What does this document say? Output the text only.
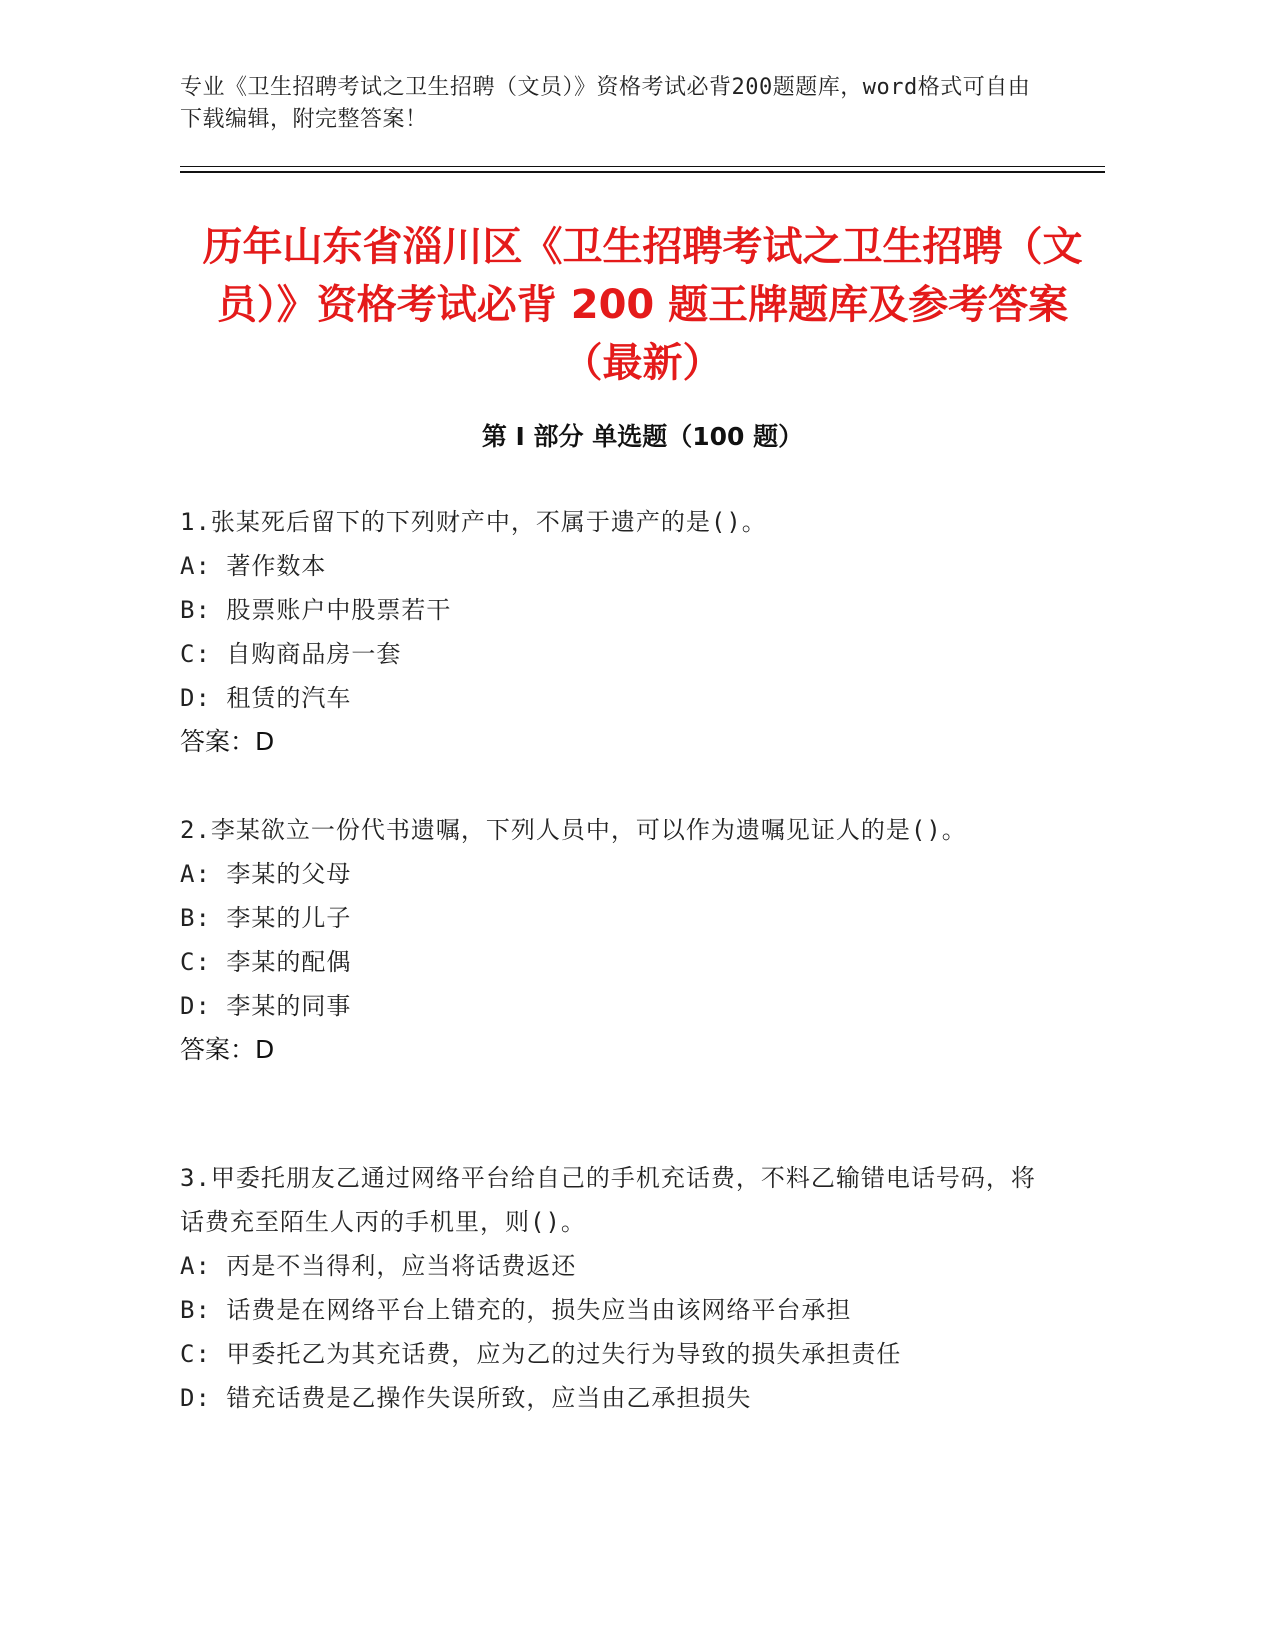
专业《卫生招聘考试之卫生招聘（文员）》资格考试必背200题题库，word格式可自由下载编辑，附完整答案！
历年山东省淄川区《卫生招聘考试之卫生招聘（文员）》资格考试必背 200 题王牌题库及参考答案（最新）
第 I 部分 单选题（100 题）
1.张某死后留下的下列财产中，不属于遗产的是()。
A: 著作数本
B: 股票账户中股票若干
C: 自购商品房一套
D: 租赁的汽车
答案：D
2.李某欲立一份代书遗嘱，下列人员中，可以作为遗嘱见证人的是()。
A: 李某的父母
B: 李某的儿子
C: 李某的配偶
D: 李某的同事
答案：D
3.甲委托朋友乙通过网络平台给自己的手机充话费，不料乙输错电话号码，将话费充至陌生人丙的手机里，则()。
A: 丙是不当得利，应当将话费返还
B: 话费是在网络平台上错充的，损失应当由该网络平台承担
C: 甲委托乙为其充话费，应为乙的过失行为导致的损失承担责任
D: 错充话费是乙操作失误所致，应当由乙承担损失
